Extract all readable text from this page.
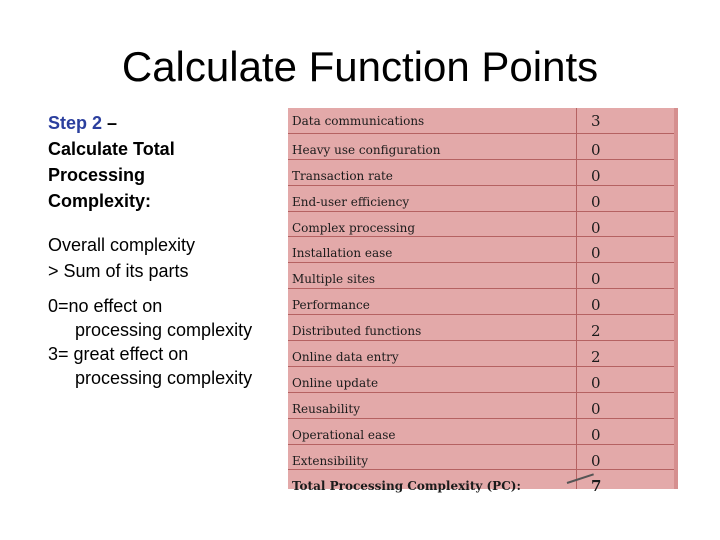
Calculate Function Points
Step 2 –
Calculate Total
Processing
Complexity:
Overall complexity
> Sum of its parts
0=no effect on
processing complexity
3= great effect on
processing complexity
Data communications	3
Heavy use configuration	0
Transaction rate	0
End-user efficiency	0
Complex processing	0
Installation ease	0
Multiple sites	0
Performance	0
Distributed functions	2
Online data entry	2
Online update	0
Reusability	0
Operational ease	0
Extensibility	0
Total Processing Complexity (PC):	7
